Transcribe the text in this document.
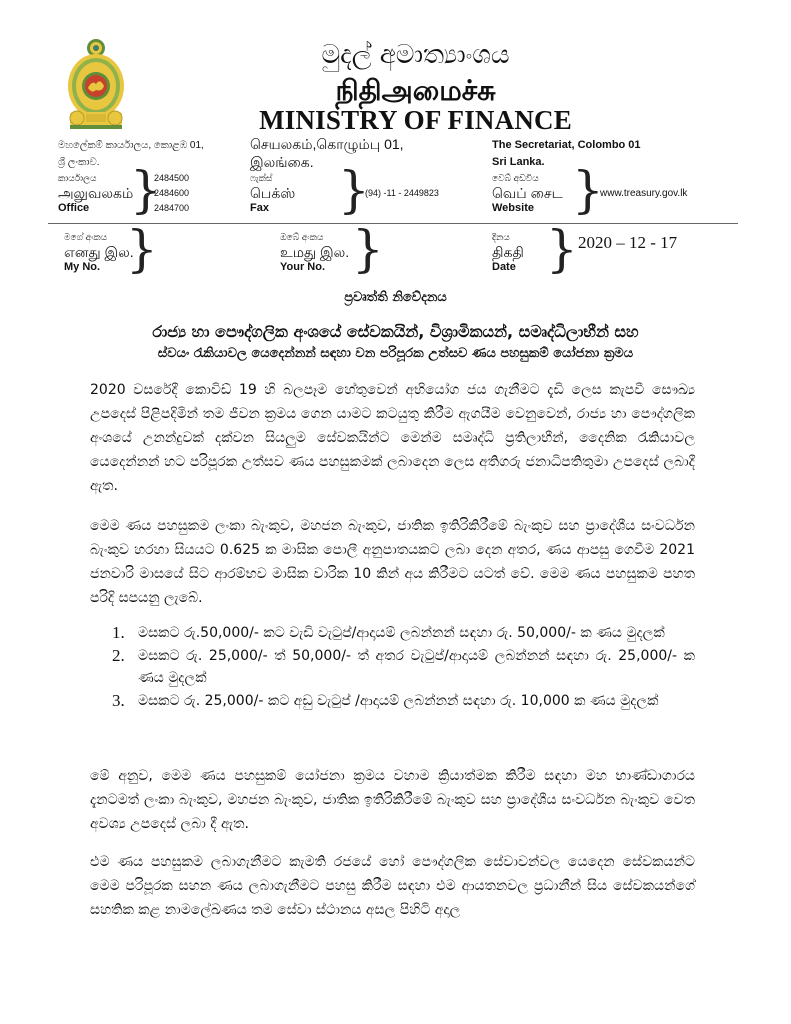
මුදල් අමාත්‍යාංශය
நிதிஅமைச்சு
MINISTRY OF FINANCE
මහලේකම් කාර්යාලය, කොළඹ 01,
ශ්‍රී ලංකාව.
செயலகம்,கொழும்பு 01,
இலங்கை.
The Secretariat, Colombo 01
Sri Lanka.
කාර්යාලය
அலுவலகம்
Office }
2484500
2484600
2484700
ෆැක්ස්
பெக்ஸ்
Fax	}
(94) -11 - 2449823
වෙබ් අඩවිය
வெப் சைட
Website }
www.treasury.gov.lk
මගේ අංකය
எனது இல.
My No. }	ඔබේ අංකය
உமது இல.
Your No. }	දිනය
திகதி
Date } 2020 – 12 - 17
ප්‍රවෘත්ති නිවේදනය
රාජ්‍ය හා පෞද්ගලික අංශයේ සේවකයින්, විශ්‍රාමිකයන්, සමෘද්ධිලාභීන් සහ
ස්වයං රැකියාවල යෙදෙන්නන් සඳහා වන පරිපූරක උත්සව ණය පහසුකම් යෝජනා ක්‍රමය

2020 වසරේදී කොවිඩ් 19 හි බලපෑම හේතුවෙන් අභියෝග ජය ගැනීමට දැඩි ලෙස කැපවී සෞඛ්‍ය උපදෙස් පිළිපදිමින් තම ජීවන ක්‍රමය ගෙන යාමට කටයුතු කිරීම ඇගයීම වෙනුවෙන්, රාජ්‍ය හා පෞද්ගලික අංශයේ උනන්දුවක් දක්වන සියලුම සේවකයින්ට මෙන්ම සමෘද්ධි ප්‍රතිලාභීන්, දෛනික රැකියාවල යෙදෙන්නන් හට පරිපූරක උත්සව ණය පහසුකමක් ලබාදෙන ලෙස අතිගරු ජනාධිපතිතුමා උපදෙස් ලබාදී ඇත.

මෙම ණය පහසුකම ලංකා බැංකුව, මහජන බැංකුව, ජාතික ඉතිරිකිරීමේ බැංකුව සහ ප්‍රාදේශීය සංවර්ධන බැංකුව හරහා සියයට 0.625 ක මාසික පොලී අනුපාතයකට ලබා දෙන අතර, ණය ආපසු ගෙවීම 2021 ජනවාරි මාසයේ සිට ආරම්භව මාසික වාරික 10 කින් අය කිරීමට යටත් වේ. මෙම ණය පහසුකම පහත පරිදි සපයනු ලැබේ.

1. මසකට රු.50,000/- කට වැඩි වැටුප්/ආදායම් ලබන්නන් සඳහා රු. 50,000/- ක ණය මුදලක්
2. මසකට රු. 25,000/- ත් 50,000/- ත් අතර වැටුප්/ආදායම් ලබන්නන් සඳහා රු. 25,000/- ක ණය මුදලක්
3. මසකට රු. 25,000/- කට අඩු වැටුප් /ආදායම් ලබන්නන් සඳහා රු. 10,000 ක ණය මුදලක්

මේ අනුව, මෙම ණය පහසුකම් යෝජනා ක්‍රමය වහාම ක්‍රියාත්මක කිරීම සඳහා මහ භාණ්ඩාගාරය දැනටමත් ලංකා බැංකුව, මහජන බැංකුව, ජාතික ඉතිරිකිරීමේ බැංකුව සහ ප්‍රාදේශීය සංවර්ධන බැංකුව වෙත අවශ්‍ය උපදෙස් ලබා දී ඇත.

එම ණය පහසුකම ලබාගැනීමට කැමති රජයේ හෝ පෞද්ගලික සේවාවන්වල යෙදෙන සේවකයන්ට මෙම පරිපූරක සහන ණය ලබාගැනීමට පහසු කිරීම සඳහා එම ආයතනවල ප්‍රධානීන් සිය සේවකයන්ගේ සහතික කළ නාමලේඛණය තම සේවා ස්ථානය අසල පිහිටි අදාල
